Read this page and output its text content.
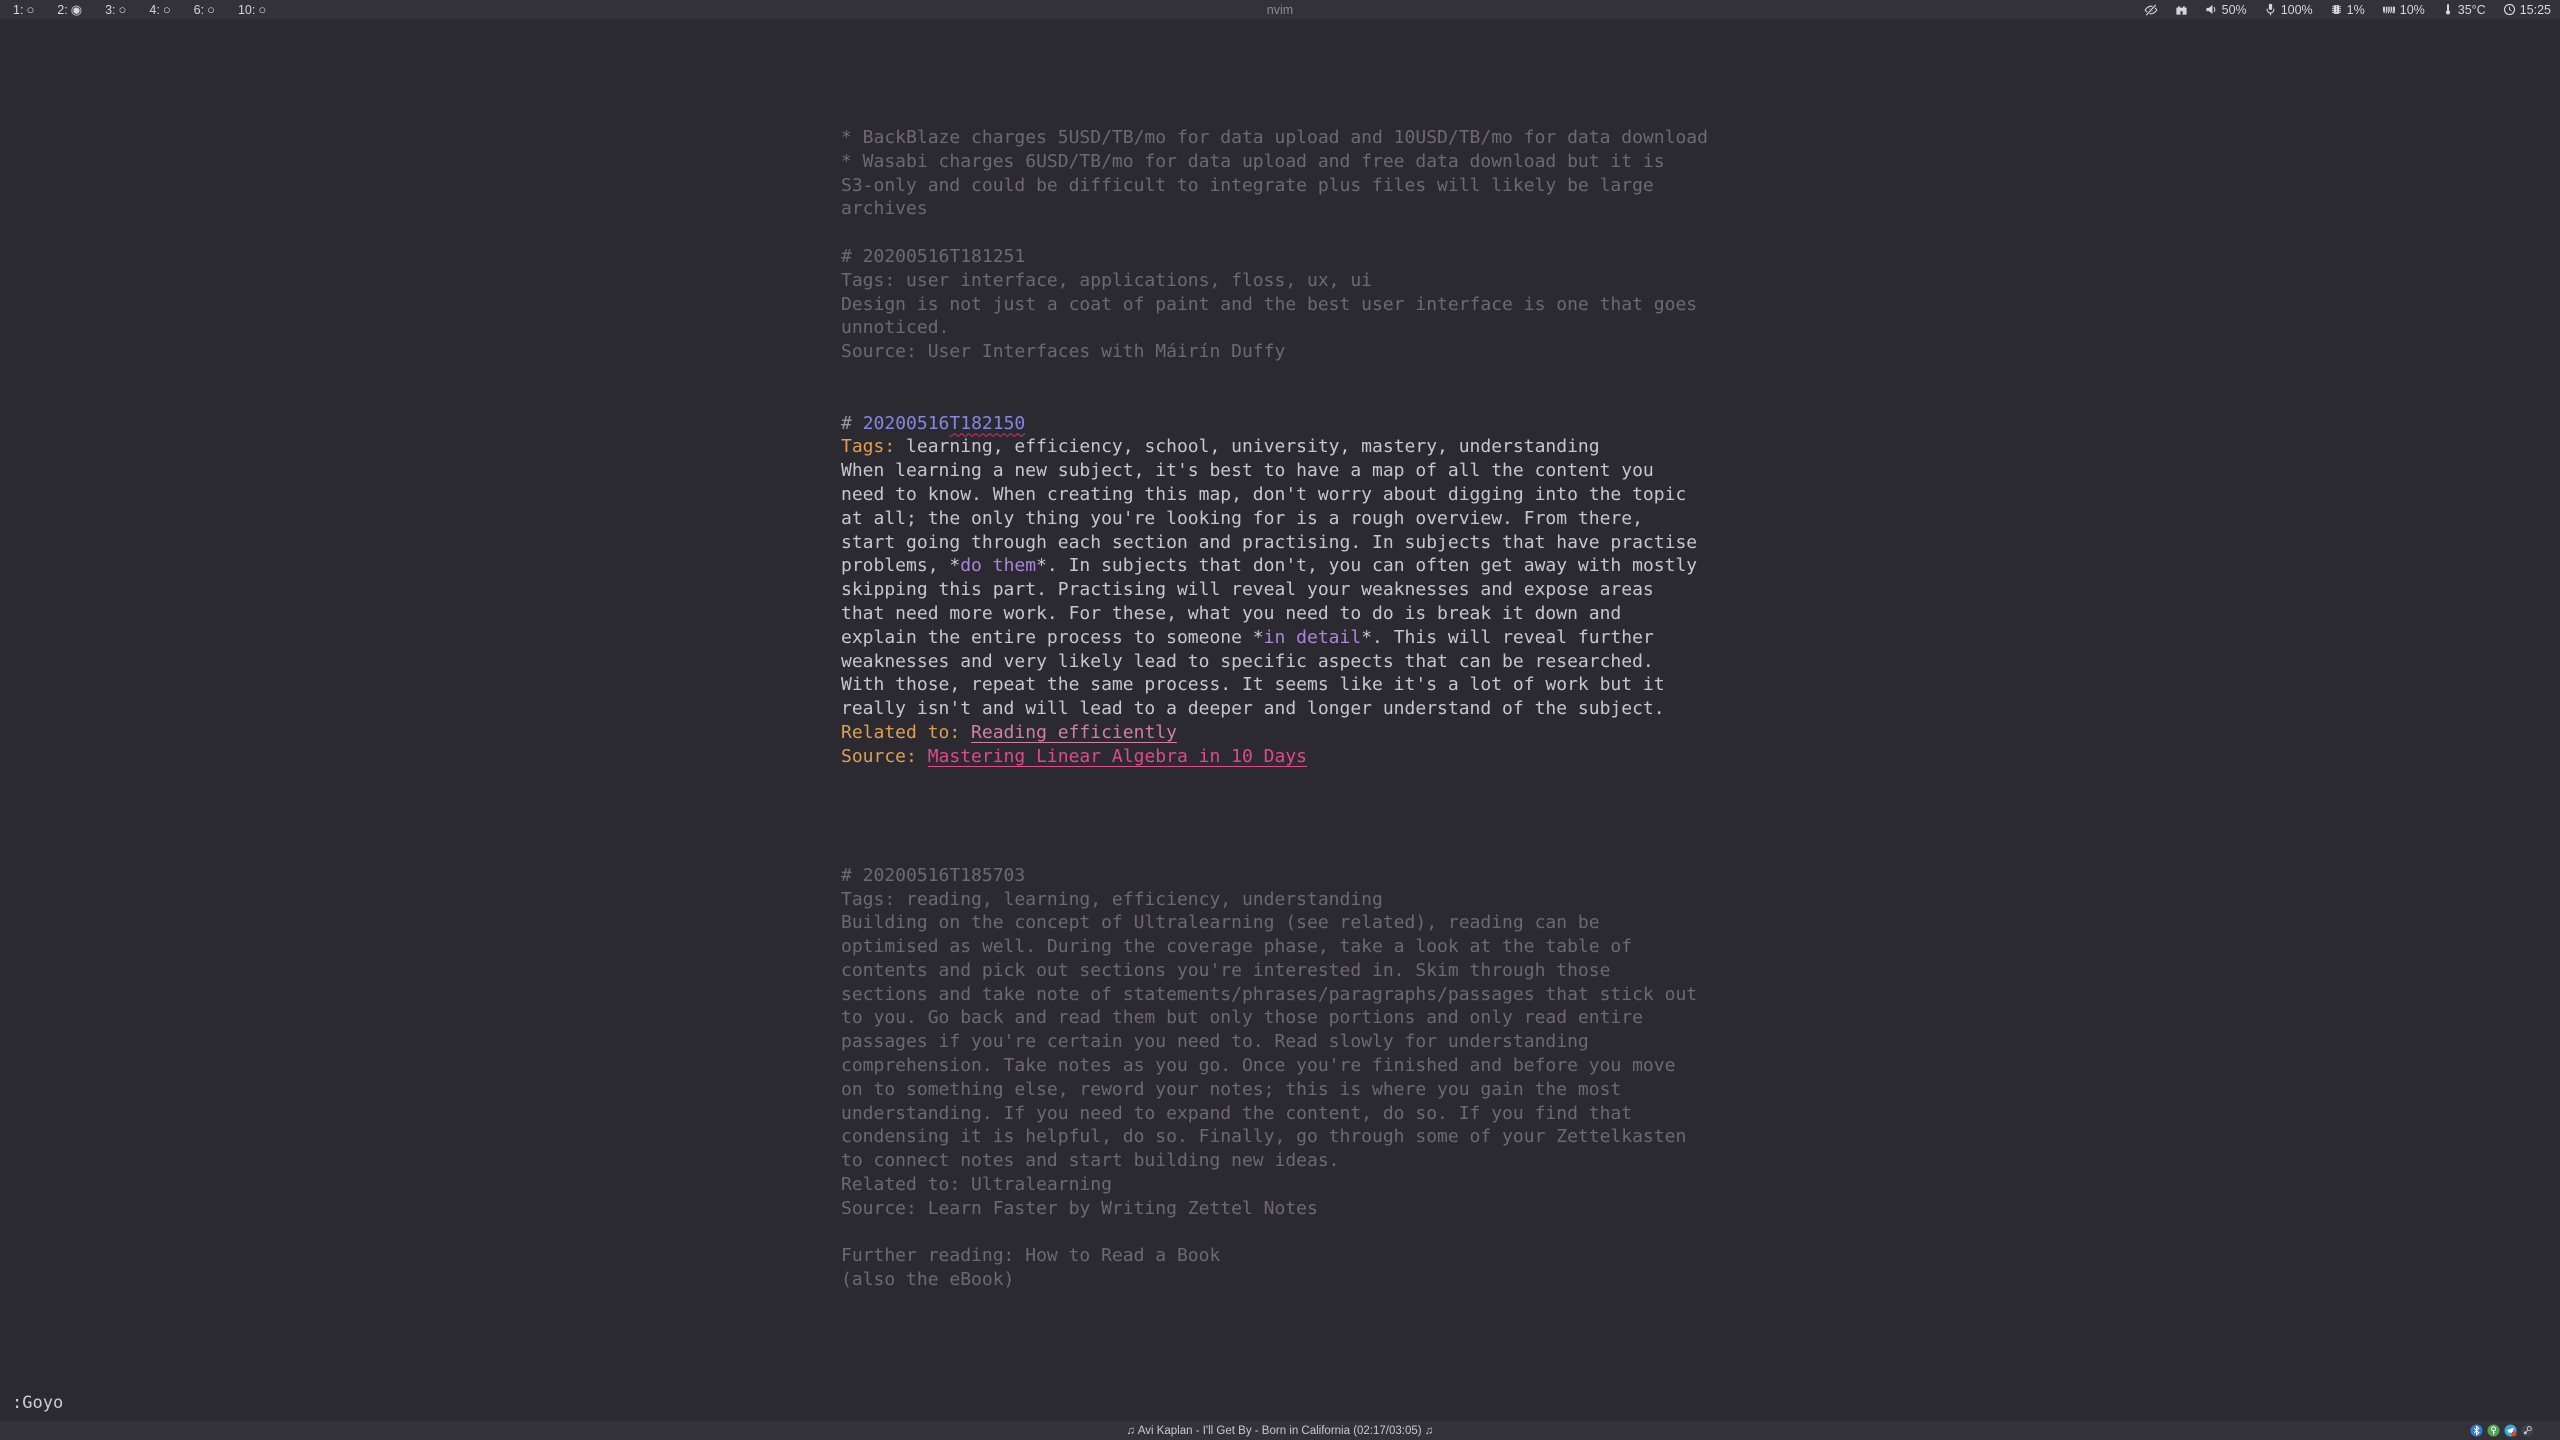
1: ○ 2: ◉ 3: ○ 4: ○ 6: ○ 10: ○	nvim	50%	100%	1%	10%	35°C	15:25
* BackBlaze charges 5USD/TB/mo for data upload and 10USD/TB/mo for data download
* Wasabi charges 6USD/TB/mo for data upload and free data download but it is
S3-only and could be difficult to integrate plus files will likely be large
archives

# 20200516T181251
Tags: user interface, applications, floss, ux, ui
Design is not just a coat of paint and the best user interface is one that goes
unnoticed.
Source: User Interfaces with Máirín Duffy

# 20200516T182150
Tags: learning, efficiency, school, university, mastery, understanding
When learning a new subject, it's best to have a map of all the content you
need to know. When creating this map, don't worry about digging into the topic
at all; the only thing you're looking for is a rough overview. From there,
start going through each section and practising. In subjects that have practise
problems, *do them*. In subjects that don't, you can often get away with mostly
skipping this part. Practising will reveal your weaknesses and expose areas
that need more work. For these, what you need to do is break it down and
explain the entire process to someone *in detail*. This will reveal further
weaknesses and very likely lead to specific aspects that can be researched.
With those, repeat the same process. It seems like it's a lot of work but it
really isn't and will lead to a deeper and longer understand of the subject.
Related to: Reading efficiently
Source: Mastering Linear Algebra in 10 Days

# 20200516T185703
Tags: reading, learning, efficiency, understanding
Building on the concept of Ultralearning (see related), reading can be
optimised as well. During the coverage phase, take a look at the table of
contents and pick out sections you're interested in. Skim through those
sections and take note of statements/phrases/paragraphs/passages that stick out
to you. Go back and read them but only those portions and only read entire
passages if you're certain you need to. Read slowly for understanding
comprehension. Take notes as you go. Once you're finished and before you move
on to something else, reword your notes; this is where you gain the most
understanding. If you need to expand the content, do so. If you find that
condensing it is helpful, do so. Finally, go through some of your Zettelkasten
to connect notes and start building new ideas.
Related to: Ultralearning
Source: Learn Faster by Writing Zettel Notes

Further reading: How to Read a Book
(also the eBook)
:Goyo
♫ Avi Kaplan - I'll Get By - Born in California (02:17/03:05) ♫
